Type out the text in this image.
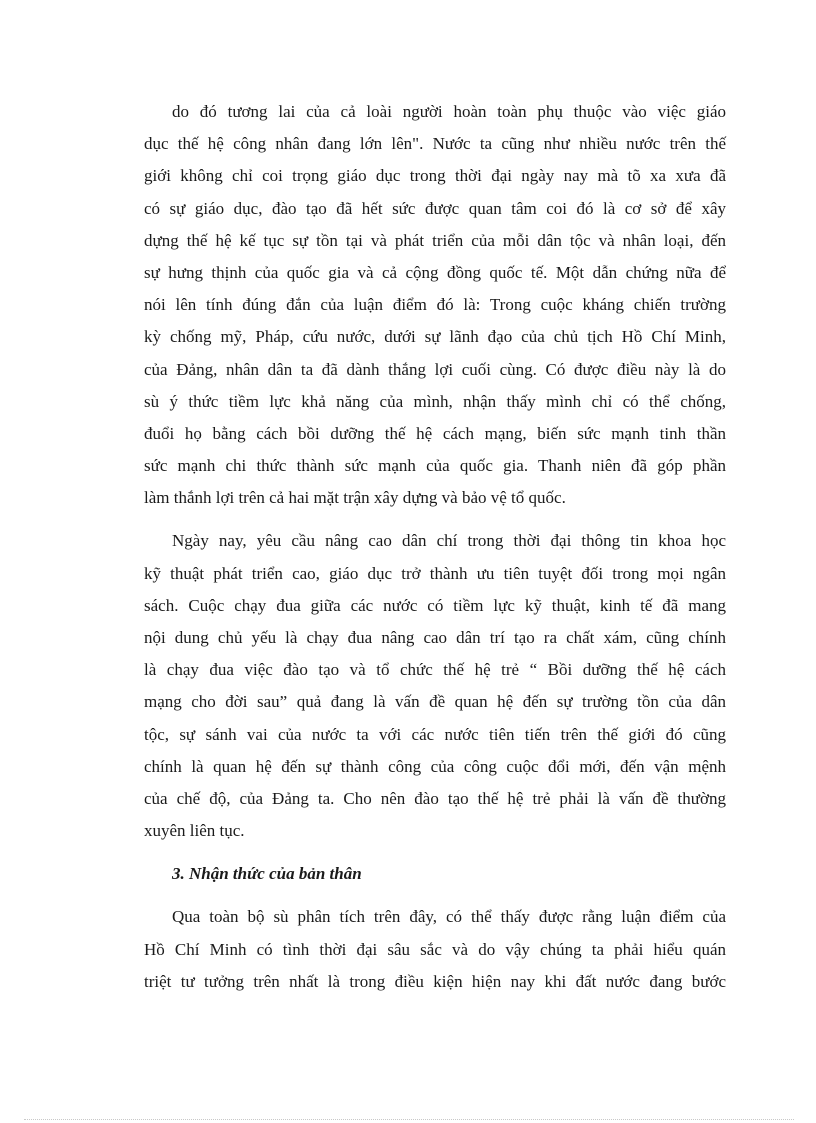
do đó tương lai của cả loài người hoàn toàn phụ thuộc vào việc giáo
dục thế hệ công nhân đang lớn lên". Nước ta cũng như nhiều nước trên thế
giới không chỉ coi trọng giáo dục trong thời đại ngày nay mà tõ xa xưa đã
có sự giáo dục, đào tạo đã hết sức được quan tâm coi đó là cơ sở để xây
dựng thế hệ kế tục sự tồn tại và phát triển của mỗi dân tộc và nhân loại, đến
sự hưng thịnh của quốc gia và cả cộng đồng quốc tế. Một dẫn chứng nữa để
nói lên tính đúng đắn của luận điểm đó là: Trong cuộc kháng chiến trường
kỳ chống mỹ, Pháp, cứu nước, dưới sự lãnh đạo của chủ tịch Hồ Chí Minh,
của Đảng, nhân dân ta đã dành thắng lợi cuối cùng. Có được điều này là do
sù ý thức tiềm lực khả năng của mình, nhận thấy mình chỉ có thể chống,
đuổi họ bằng cách bồi dưỡng thế hệ cách mạng, biến sức mạnh tinh thần
sức mạnh chi thức thành sức mạnh của quốc gia. Thanh niên đã góp phần
làm thắnh lợi trên cả hai mặt trận xây dựng và bảo vệ tổ quốc.
Ngày nay, yêu cầu nâng cao dân chí trong thời đại thông tin khoa học
kỹ thuật phát triển cao, giáo dục trở thành ưu tiên tuyệt đối trong mọi ngân
sách. Cuộc chạy đua giữa các nước có tiềm lực kỹ thuật, kinh tế đã mang
nội dung chủ yếu là chạy đua nâng cao dân trí tạo ra chất xám, cũng chính
là chạy đua việc đào tạo và tổ chức thế hệ trẻ “ Bồi dưỡng thế hệ cách
mạng cho đời sau” quả đang là vấn đề quan hệ đến sự trường tồn của dân
tộc, sự sánh vai của nước ta với các nước tiên tiến trên thế giới đó cũng
chính là quan hệ đến sự thành công của công cuộc đổi mới, đến vận mệnh
của chế độ, của Đảng ta. Cho nên đào tạo thế hệ trẻ phải là vấn đề thường
xuyên liên tục.
3. Nhận thức của bản thân
Qua toàn bộ sù phân tích trên đây, có thể thấy được rằng luận điểm của
Hồ Chí Minh có tình thời đại sâu sắc và do vậy chúng ta phải hiểu quán
triệt tư tưởng trên nhất là trong điều kiện hiện nay khi đất nước đang bước
